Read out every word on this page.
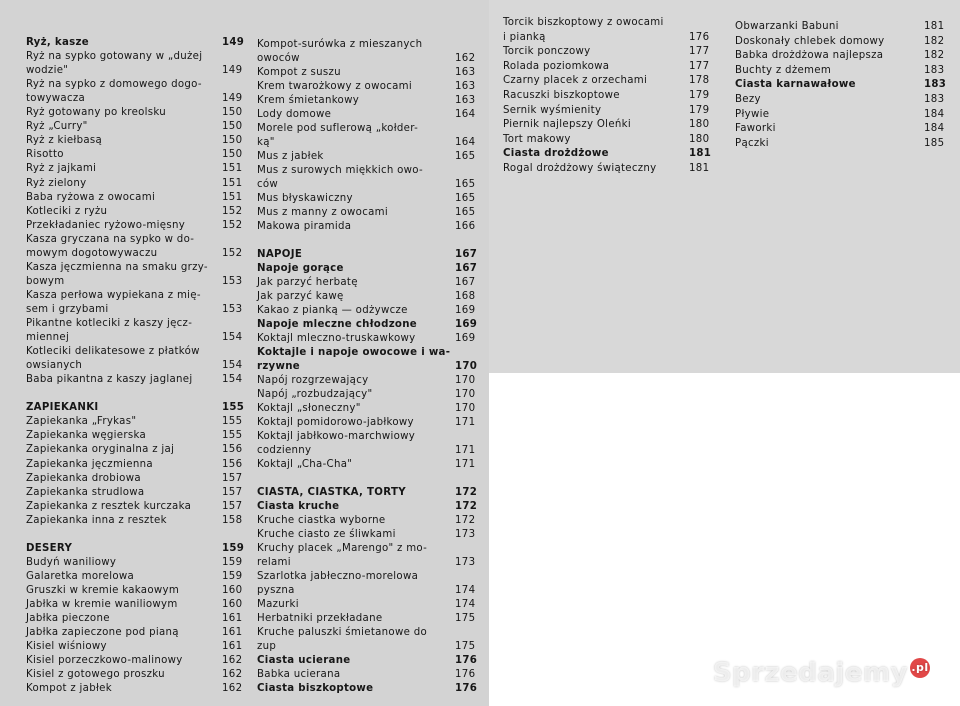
Ryż, kasze	149
Ryż na sypko gotowany w „dużej
wodzie"	149
Ryż na sypko z domowego dogo-
towywacza	149
Ryż gotowany po kreolsku	150
Ryż „Curry"	150
Ryż z kiełbasą	150
Risotto	150
Ryż z jajkami	151
Ryż zielony	151
Baba ryżowa z owocami	151
Kotleciki z ryżu	152
Przekładaniec ryżowo-mięsny	152
Kasza gryczana na sypko w do-
mowym dogotowywaczu	152
Kasza jęczmienna na smaku grzy-
bowym	153
Kasza perłowa wypiekana z mię-
sem i grzybami	153
Pikantne kotleciki z kaszy jęcz-
miennej	154
Kotleciki delikatesowe z płatków
owsianych	154
Baba pikantna z kaszy jaglanej	154
ZAPIEKANKI	155
Zapiekanka „Frykas"	155
Zapiekanka węgierska	155
Zapiekanka oryginalna z jaj	156
Zapiekanka jęczmienna	156
Zapiekanka drobiowa	157
Zapiekanka strudlowa	157
Zapiekanka z resztek kurczaka	157
Zapiekanka inna z resztek	158
DESERY	159
Budyń waniliowy	159
Galaretka morelowa	159
Gruszki w kremie kakaowym	160
Jabłka w kremie waniliowym	160
Jabłka pieczone	161
Jabłka zapieczone pod pianą	161
Kisiel wiśniowy	161
Kisiel porzeczkowo-malinowy	162
Kisiel z gotowego proszku	162
Kompot z jabłek	162
Kompot-surówka z mieszanych
owoców	162
Kompot z suszu	163
Krem twarożkowy z owocami	163
Krem śmietankowy	163
Lody domowe	164
Morele pod suflerową „kołder-
ką"	164
Mus z jabłek	165
Mus z surowych miękkich owo-
ców	165
Mus błyskawiczny	165
Mus z manny z owocami	165
Makowa piramida	166
NAPOJE	167
Napoje gorące	167
Jak parzyć herbatę	167
Jak parzyć kawę	168
Kakao z pianką — odżywcze	169
Napoje mleczne chłodzone	169
Koktajl mleczno-truskawkowy	169
Koktajle i napoje owocowe i wa-
rzywne	170
Napój rozgrzewający	170
Napój „rozbudzający"	170
Koktajl „słoneczny"	170
Koktajl pomidorowo-jabłkowy	171
Koktajl jabłkowo-marchwiowy
codzienny	171
Koktajl „Cha-Cha"	171
CIASTA, CIASTKA, TORTY	172
Ciasta kruche	172
Kruche ciastka wyborne	172
Kruche ciasto ze śliwkami	173
Kruchy placek „Marengo" z mo-
relami	173
Szarlotka jabłeczno-morelowa
pyszna	174
Mazurki	174
Herbatniki przekładane	175
Kruche paluszki śmietanowe do
zup	175
Ciasta ucierane	176
Babka ucierana	176
Ciasta biszkoptowe	176
Torcik biszkoptowy z owocami
i pianką	176
Torcik ponczowy	177
Rolada poziomkowa	177
Czarny placek z orzechami	178
Racuszki biszkoptowe	179
Sernik wyśmienity	179
Piernik najlepszy Oleńki	180
Tort makowy	180
Ciasta drożdżowe	181
Rogal drożdżowy świąteczny	181
Obwarzanki Babuni	181
Doskonały chlebek domowy	182
Babka drożdżowa najlepsza	182
Buchty z dżemem	183
Ciasta karnawałowe	183
Bezy	183
Pływie	184
Faworki	184
Pączki	185
Sprzedajemy .pl
